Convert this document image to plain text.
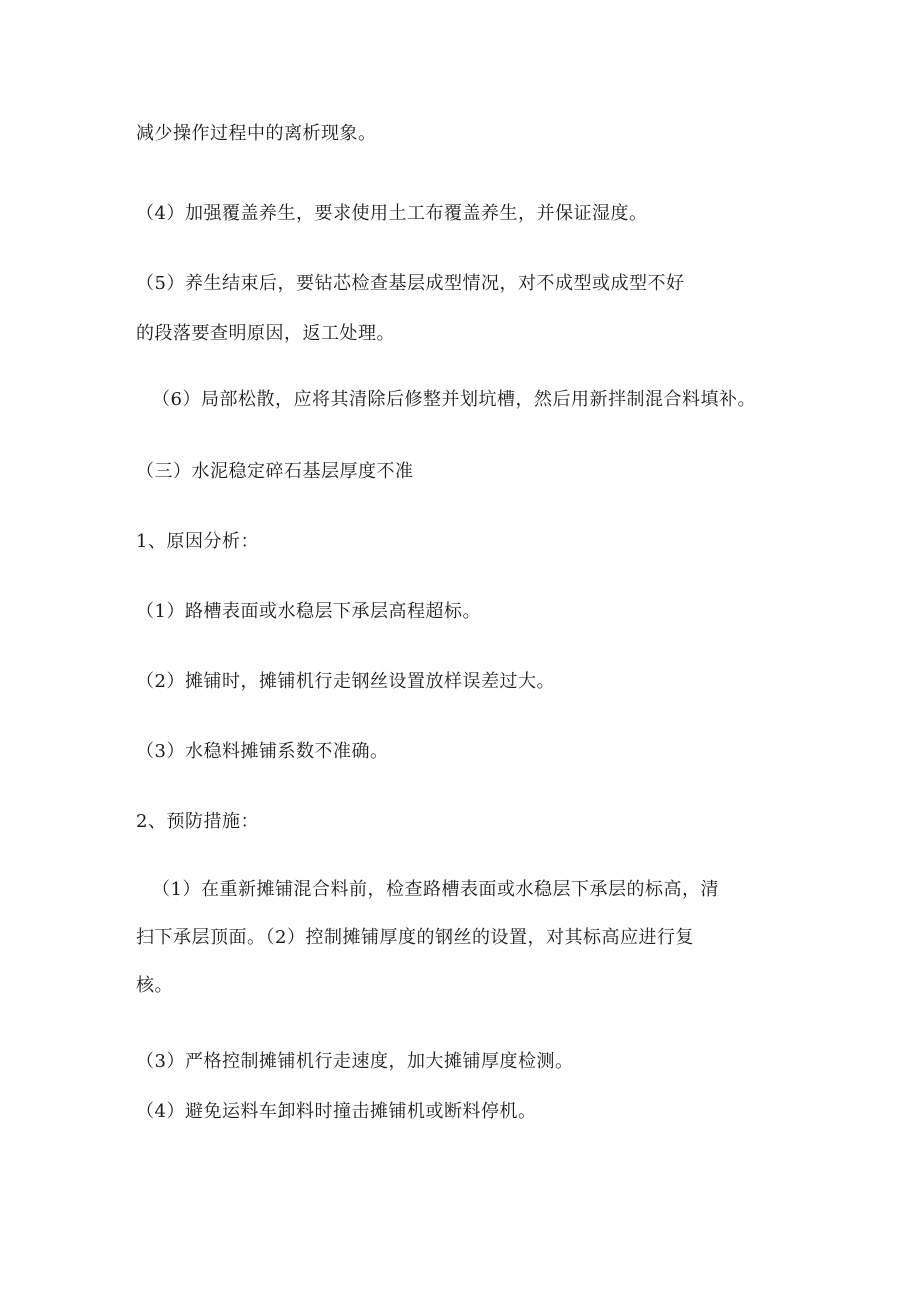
减少操作过程中的离析现象。
（4）加强覆盖养生，要求使用土工布覆盖养生，并保证湿度。
（5）养生结束后，要钻芯检查基层成型情况，对不成型或成型不好
的段落要查明原因，返工处理。
（6）局部松散，应将其清除后修整并划坑槽，然后用新拌制混合料填补。
（三）水泥稳定碎石基层厚度不准
1、原因分析：
（1）路槽表面或水稳层下承层高程超标。
（2）摊铺时，摊铺机行走钢丝设置放样误差过大。
（3）水稳料摊铺系数不准确。
2、预防措施：
（1）在重新摊铺混合料前，检查路槽表面或水稳层下承层的标高，清
扫下承层顶面。（2）控制摊铺厚度的钢丝的设置，对其标高应进行复
核。
（3）严格控制摊铺机行走速度，加大摊铺厚度检测。
（4）避免运料车卸料时撞击摊铺机或断料停机。
